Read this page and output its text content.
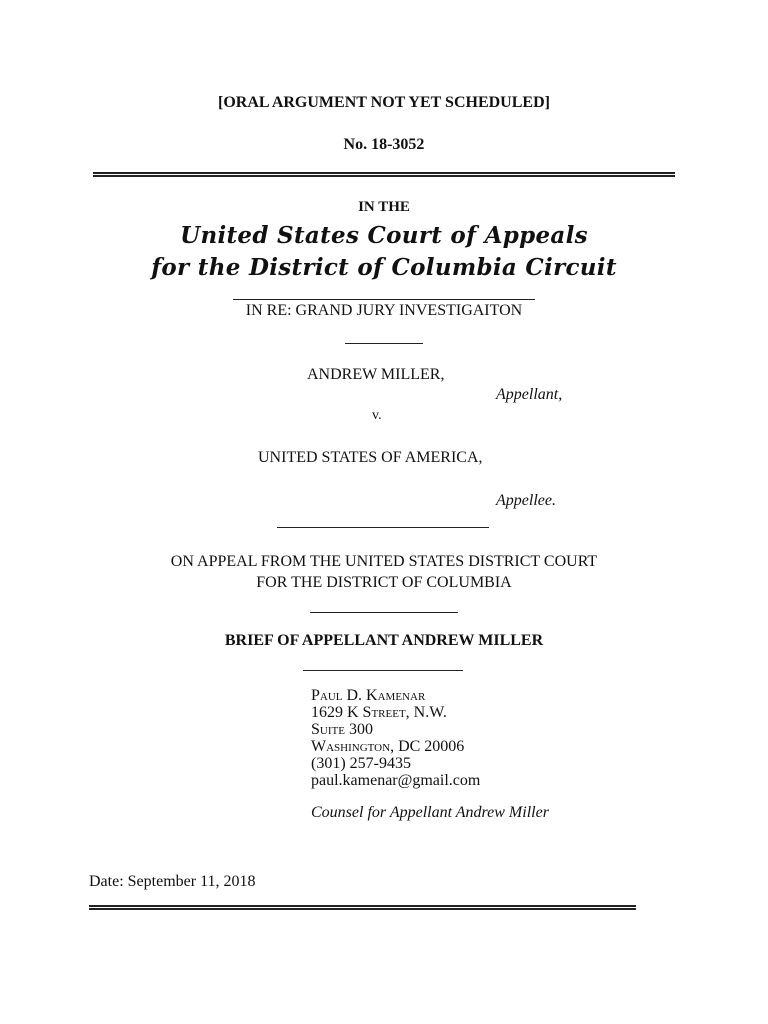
[ORAL ARGUMENT NOT YET SCHEDULED]
No. 18-3052
IN THE
United States Court of Appeals
for the District of Columbia Circuit
IN RE: GRAND JURY INVESTIGAITON
ANDREW MILLER,
Appellant,
v.
UNITED STATES OF AMERICA,
Appellee.
ON APPEAL FROM THE UNITED STATES DISTRICT COURT
FOR THE DISTRICT OF COLUMBIA
BRIEF OF APPELLANT ANDREW MILLER
Paul D. Kamenar
1629 K Street, N.W.
Suite 300
Washington, DC 20006
(301) 257-9435
paul.kamenar@gmail.com
Counsel for Appellant Andrew Miller
Date: September 11, 2018
